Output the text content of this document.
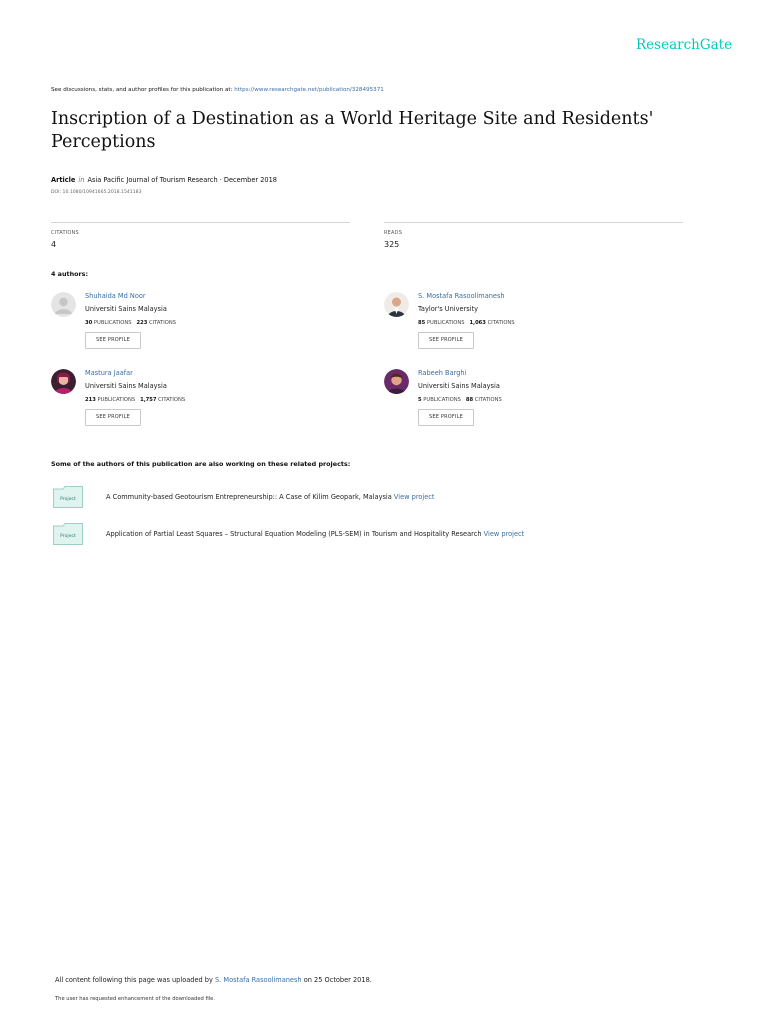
ResearchGate
See discussions, stats, and author profiles for this publication at: https://www.researchgate.net/publication/328495371
Inscription of a Destination as a World Heritage Site and Residents' Perceptions
Article in Asia Pacific Journal of Tourism Research · December 2018
DOI: 10.1080/10941665.2018.1541183
CITATIONS
4
READS
325
4 authors:
Shuhaida Md Noor
Universiti Sains Malaysia
30 PUBLICATIONS 223 CITATIONS
SEE PROFILE
S. Mostafa Rasoolimanesh
Taylor's University
85 PUBLICATIONS 1,063 CITATIONS
SEE PROFILE
Mastura Jaafar
Universiti Sains Malaysia
213 PUBLICATIONS 1,757 CITATIONS
SEE PROFILE
Rabeeh Barghi
Universiti Sains Malaysia
5 PUBLICATIONS 88 CITATIONS
SEE PROFILE
Some of the authors of this publication are also working on these related projects:
Project	A Community-based Geotourism Entrepreneurship:: A Case of Kilim Geopark, Malaysia View project
Project	Application of Partial Least Squares – Structural Equation Modeling (PLS-SEM) in Tourism and Hospitality Research View project
All content following this page was uploaded by S. Mostafa Rasoolimanesh on 25 October 2018.
The user has requested enhancement of the downloaded file.
